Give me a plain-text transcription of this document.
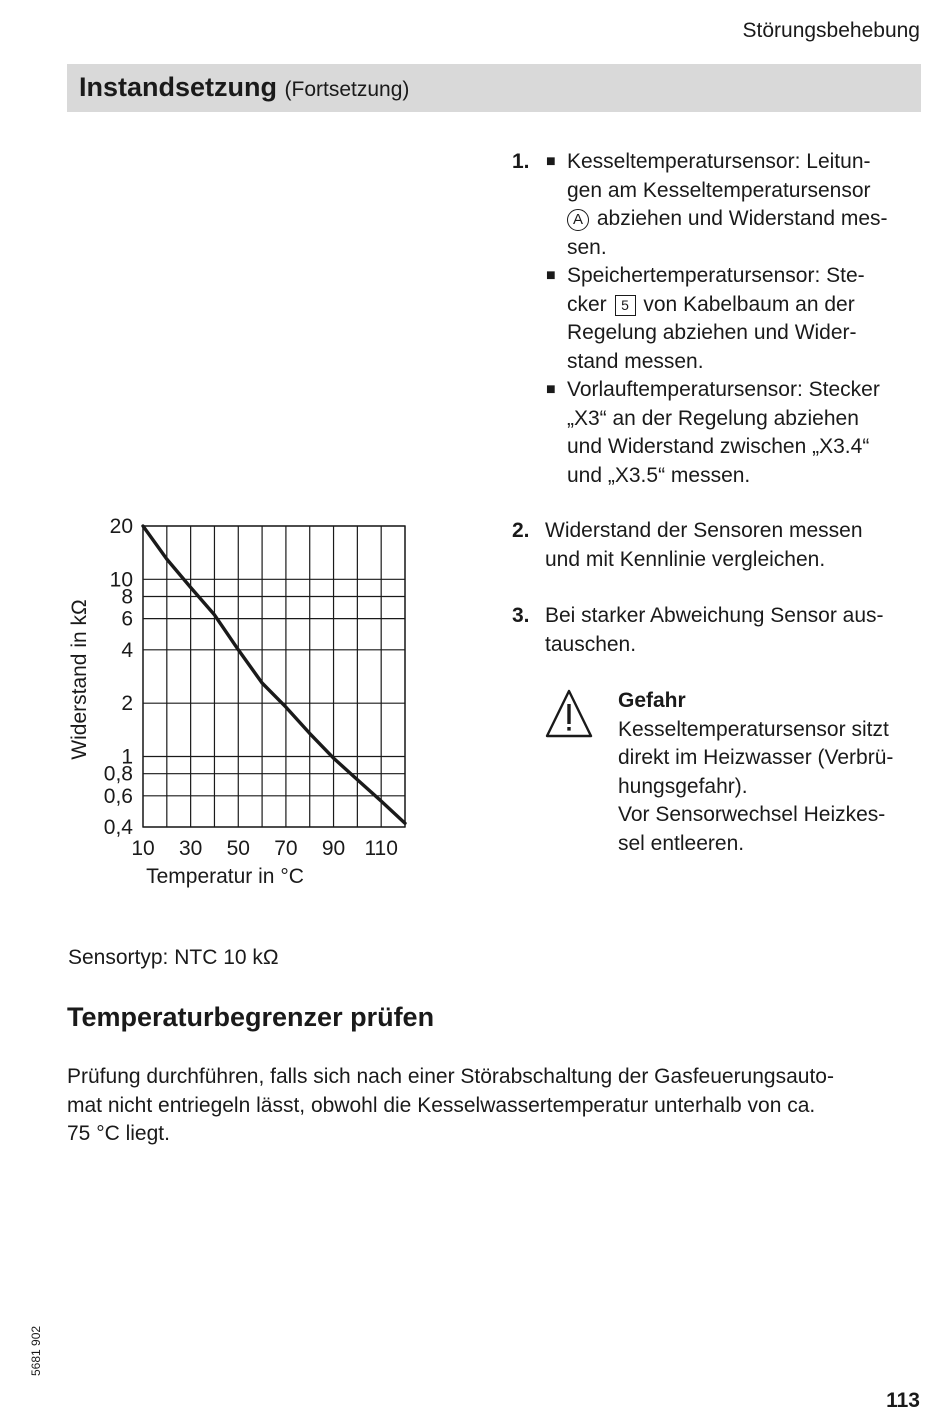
Störungsbehebung
Instandsetzung (Fortsetzung)
1. ■ Kesseltemperatursensor: Leitun-
gen am Kesseltemperatursensor
A abziehen und Widerstand mes-
sen.
■ Speichertemperatursensor: Ste-
cker 5 von Kabelbaum an der
Regelung abziehen und Wider-
stand messen.
■ Vorlauftemperatursensor: Stecker
„X3“ an der Regelung abziehen
und Widerstand zwischen „X3.4“
und „X3.5“ messen.
2. Widerstand der Sensoren messen
und mit Kennlinie vergleichen.
3. Bei starker Abweichung Sensor aus-
tauschen.
Gefahr
Kesseltemperatursensor sitzt
direkt im Heizwasser (Verbrü-
hungsgefahr).
Vor Sensorwechsel Heizkes-
sel entleeren.
10 30 50 70 90 110
20
10
8
6
4
2
1
0,8
0,6
0,4
Temperatur in °C
Widerstand in kΩ
Sensortyp: NTC 10 kΩ
Temperaturbegrenzer prüfen
Prüfung durchführen, falls sich nach einer Störabschaltung der Gasfeuerungsauto-
mat nicht entriegeln lässt, obwohl die Kesselwassertemperatur unterhalb von ca.
75 °C liegt.
5681 902
113
